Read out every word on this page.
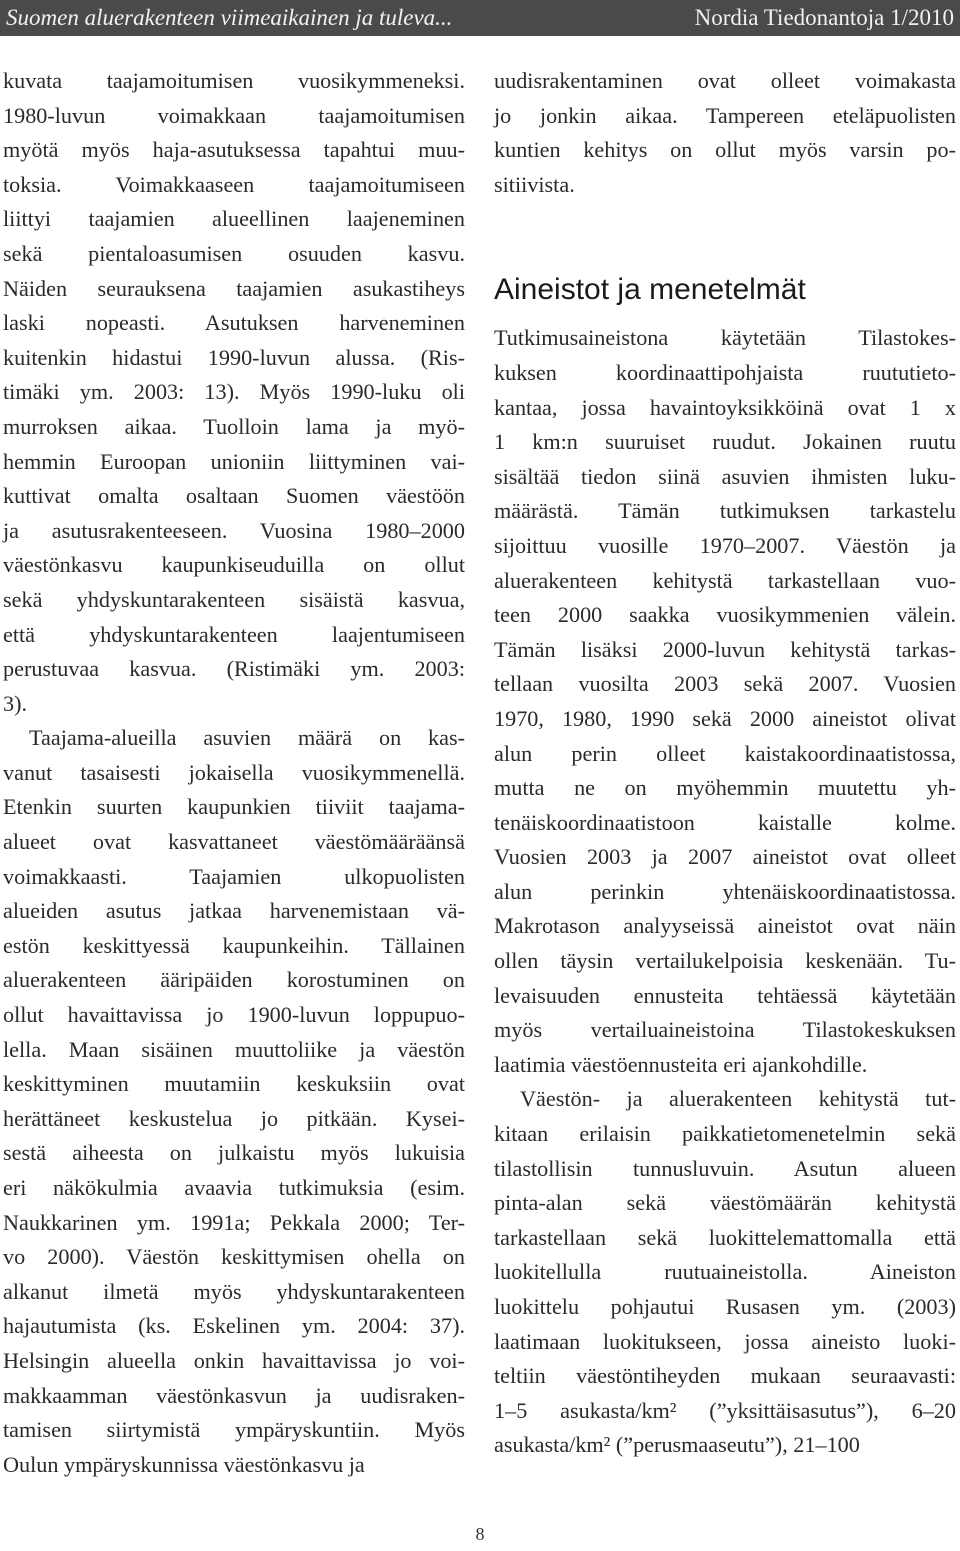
Suomen aluerakenteen viimeaikainen ja tuleva...	Nordia Tiedonantoja 1/2010

kuvata taajamoitumisen vuosikymmeneksi.
1980-luvun voimakkaan taajamoitumisen
myötä myös haja-asutuksessa tapahtui muu-
toksia. Voimakkaaseen taajamoitumiseen
liittyi taajamien alueellinen laajeneminen
sekä pientaloasumisen osuuden kasvu.
Näiden seurauksena taajamien asukastiheys
laski nopeasti. Asutuksen harveneminen
kuitenkin hidastui 1990-luvun alussa. (Ris-
timäki ym. 2003: 13). Myös 1990-luku oli
murroksen aikaa. Tuolloin lama ja myö-
hemmin Euroopan unioniin liittyminen vai-
kuttivat omalta osaltaan Suomen väestöön
ja asutusrakenteeseen. Vuosina 1980–2000
väestönkasvu kaupunkiseuduilla on ollut
sekä yhdyskuntarakenteen sisäistä kasvua,
että yhdyskuntarakenteen laajentumiseen
perustuvaa kasvua. (Ristimäki ym. 2003:
3).

Taajama-alueilla asuvien määrä on kas-
vanut tasaisesti jokaisella vuosikymmenellä.
Etenkin suurten kaupunkien tiiviit taajama-
alueet ovat kasvattaneet väestömääräänsä
voimakkaasti. Taajamien ulkopuolisten
alueiden asutus jatkaa harvenemistaan vä-
estön keskittyessä kaupunkeihin. Tällainen
aluerakenteen ääripäiden korostuminen on
ollut havaittavissa jo 1900-luvun loppupuo-
lella. Maan sisäinen muuttoliike ja väestön
keskittyminen muutamiin keskuksiin ovat
herättäneet keskustelua jo pitkään. Kysei-
sestä aiheesta on julkaistu myös lukuisia
eri näkökulmia avaavia tutkimuksia (esim.
Naukkarinen ym. 1991a; Pekkala 2000; Ter-
vo 2000). Väestön keskittymisen ohella on
alkanut ilmetä myös yhdyskuntarakenteen
hajautumista (ks. Eskelinen ym. 2004: 37).
Helsingin alueella onkin havaittavissa jo voi-
makkaamman väestönkasvun ja uudisraken-
tamisen siirtymistä ympäryskuntiin. Myös
Oulun ympäryskunnissa väestönkasvu ja

uudisrakentaminen ovat olleet voimakasta
jo jonkin aikaa. Tampereen eteläpuolisten
kuntien kehitys on ollut myös varsin po-
sitiivista.

Aineistot ja menetelmät

Tutkimusaineistona käytetään Tilastokes-
kuksen koordinaattipohjaista ruututieto-
kantaa, jossa havaintoyksikköinä ovat 1 x
1 km:n suuruiset ruudut. Jokainen ruutu
sisältää tiedon siinä asuvien ihmisten luku-
määrästä. Tämän tutkimuksen tarkastelu
sijoittuu vuosille 1970–2007. Väestön ja
aluerakenteen kehitystä tarkastellaan vuo-
teen 2000 saakka vuosikymmenien välein.
Tämän lisäksi 2000-luvun kehitystä tarkas-
tellaan vuosilta 2003 sekä 2007. Vuosien
1970, 1980, 1990 sekä 2000 aineistot olivat
alun perin olleet kaistakoordinaatistossa,
mutta ne on myöhemmin muutettu yh-
tenäiskoordinaatistoon kaistalle kolme.
Vuosien 2003 ja 2007 aineistot ovat olleet
alun perinkin yhtenäiskoordinaatistossa.
Makrotason analyyseissä aineistot ovat näin
ollen täysin vertailukelpoisia keskenään. Tu-
levaisuuden ennusteita tehtäessä käytetään
myös vertailuaineistoina Tilastokeskuksen
laatimia väestöennusteita eri ajankohdille.

Väestön- ja aluerakenteen kehitystä tut-
kitaan erilaisin paikkatietomenetelmin sekä
tilastollisin tunnusluvuin. Asutun alueen
pinta-alan sekä väestömäärän kehitystä
tarkastellaan sekä luokittelemattomalla että
luokitellulla ruutuaineistolla. Aineiston
luokittelu pohjautui Rusasen ym. (2003)
laatimaan luokitukseen, jossa aineisto luoki-
teltiin väestöntiheyden mukaan seuraavasti:
1–5 asukasta/km² (”yksittäisasutus”), 6–20
asukasta/km² (”perusmaaseutu”), 21–100

8
